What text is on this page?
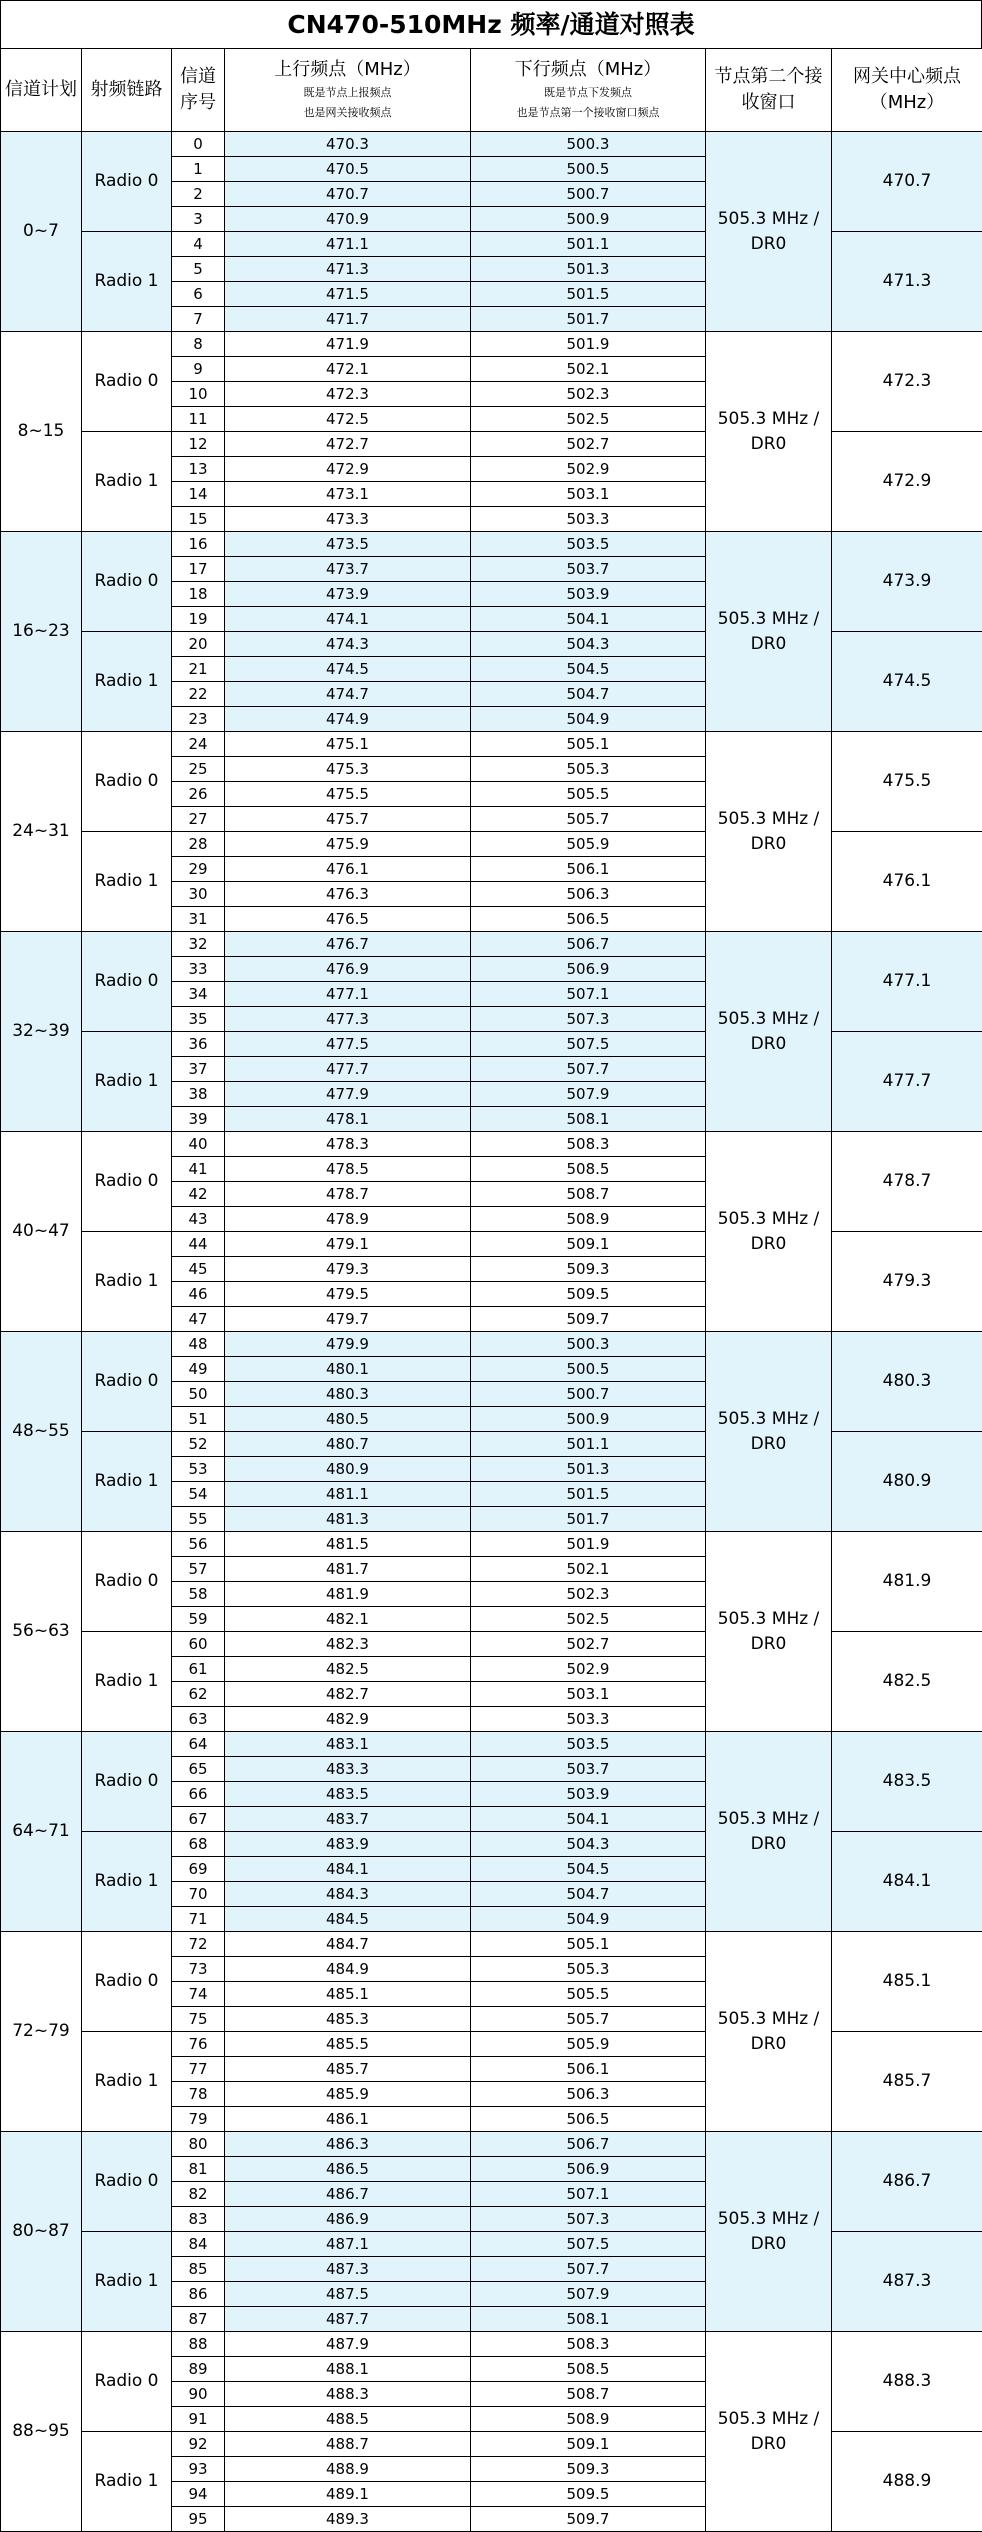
CN470-510MHz 频率/通道对照表
信道计划	射频链路	信道序号	上行频点（MHz）
既是节点上报频点
也是网关接收频点	下行频点（MHz）
既是节点下发频点
也是节点第一个接收窗口频点	节点第二个接收窗口	网关中心频点（MHz）
0~7	Radio 0	0	470.3	500.3	505.3 MHz / DR0	470.7
		1	470.5	500.5		
		2	470.7	500.7		
		3	470.9	500.9		
	Radio 1	4	471.1	501.1		471.3
		5	471.3	501.3		
		6	471.5	501.5		
		7	471.7	501.7		
8~15	Radio 0	8	471.9	501.9	505.3 MHz / DR0	472.3
		9	472.1	502.1		
		10	472.3	502.3		
		11	472.5	502.5		
	Radio 1	12	472.7	502.7		472.9
		13	472.9	502.9		
		14	473.1	503.1		
		15	473.3	503.3		
16~23	Radio 0	16	473.5	503.5	505.3 MHz / DR0	473.9
		17	473.7	503.7		
		18	473.9	503.9		
		19	474.1	504.1		
	Radio 1	20	474.3	504.3		474.5
		21	474.5	504.5		
		22	474.7	504.7		
		23	474.9	504.9		
24~31	Radio 0	24	475.1	505.1	505.3 MHz / DR0	475.5
		25	475.3	505.3		
		26	475.5	505.5		
		27	475.7	505.7		
	Radio 1	28	475.9	505.9		476.1
		29	476.1	506.1		
		30	476.3	506.3		
		31	476.5	506.5		
32~39	Radio 0	32	476.7	506.7	505.3 MHz / DR0	477.1
		33	476.9	506.9		
		34	477.1	507.1		
		35	477.3	507.3		
	Radio 1	36	477.5	507.5		477.7
		37	477.7	507.7		
		38	477.9	507.9		
		39	478.1	508.1		
40~47	Radio 0	40	478.3	508.3	505.3 MHz / DR0	478.7
		41	478.5	508.5		
		42	478.7	508.7		
		43	478.9	508.9		
	Radio 1	44	479.1	509.1		479.3
		45	479.3	509.3		
		46	479.5	509.5		
		47	479.7	509.7		
48~55	Radio 0	48	479.9	500.3	505.3 MHz / DR0	480.3
		49	480.1	500.5		
		50	480.3	500.7		
		51	480.5	500.9		
	Radio 1	52	480.7	501.1		480.9
		53	480.9	501.3		
		54	481.1	501.5		
		55	481.3	501.7		
56~63	Radio 0	56	481.5	501.9	505.3 MHz / DR0	481.9
		57	481.7	502.1		
		58	481.9	502.3		
		59	482.1	502.5		
	Radio 1	60	482.3	502.7		482.5
		61	482.5	502.9		
		62	482.7	503.1		
		63	482.9	503.3		
64~71	Radio 0	64	483.1	503.5	505.3 MHz / DR0	483.5
		65	483.3	503.7		
		66	483.5	503.9		
		67	483.7	504.1		
	Radio 1	68	483.9	504.3		484.1
		69	484.1	504.5		
		70	484.3	504.7		
		71	484.5	504.9		
72~79	Radio 0	72	484.7	505.1	505.3 MHz / DR0	485.1
		73	484.9	505.3		
		74	485.1	505.5		
		75	485.3	505.7		
	Radio 1	76	485.5	505.9		485.7
		77	485.7	506.1		
		78	485.9	506.3		
		79	486.1	506.5		
80~87	Radio 0	80	486.3	506.7	505.3 MHz / DR0	486.7
		81	486.5	506.9		
		82	486.7	507.1		
		83	486.9	507.3		
	Radio 1	84	487.1	507.5		487.3
		85	487.3	507.7		
		86	487.5	507.9		
		87	487.7	508.1		
88~95	Radio 0	88	487.9	508.3	505.3 MHz / DR0	488.3
		89	488.1	508.5		
		90	488.3	508.7		
		91	488.5	508.9		
	Radio 1	92	488.7	509.1		488.9
		93	488.9	509.3		
		94	489.1	509.5		
		95	489.3	509.7		
